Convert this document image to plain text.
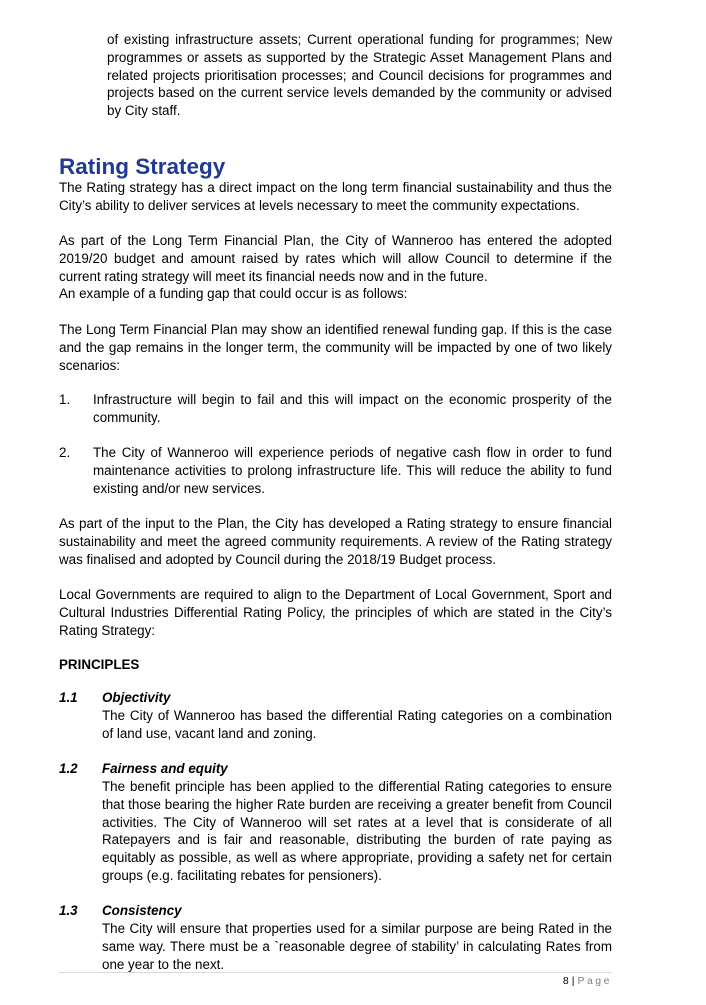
of existing infrastructure assets; Current operational funding for programmes; New programmes or assets as supported by the Strategic Asset Management Plans and related projects prioritisation processes; and Council decisions for programmes and projects based on the current service levels demanded by the community or advised by City staff.

Rating Strategy

The Rating strategy has a direct impact on the long term financial sustainability and thus the City’s ability to deliver services at levels necessary to meet the community expectations.

As part of the Long Term Financial Plan, the City of Wanneroo has entered the adopted 2019/20 budget and amount raised by rates which will allow Council to determine if the current rating strategy will meet its financial needs now and in the future.

An example of a funding gap that could occur is as follows:

The Long Term Financial Plan may show an identified renewal funding gap. If this is the case and the gap remains in the longer term, the community will be impacted by one of two likely scenarios:

1. Infrastructure will begin to fail and this will impact on the economic prosperity of the community.

2. The City of Wanneroo will experience periods of negative cash flow in order to fund maintenance activities to prolong infrastructure life. This will reduce the ability to fund existing and/or new services.

As part of the input to the Plan, the City has developed a Rating strategy to ensure financial sustainability and meet the agreed community requirements. A review of the Rating strategy was finalised and adopted by Council during the 2018/19 Budget process.

Local Governments are required to align to the Department of Local Government, Sport and Cultural Industries Differential Rating Policy, the principles of which are stated in the City’s Rating Strategy:

PRINCIPLES
1.1 Objectivity

The City of Wanneroo has based the differential Rating categories on a combination of land use, vacant land and zoning.

1.2 Fairness and equity

The benefit principle has been applied to the differential Rating categories to ensure that those bearing the higher Rate burden are receiving a greater benefit from Council activities. The City of Wanneroo will set rates at a level that is considerate of all Ratepayers and is fair and reasonable, distributing the burden of rate paying as equitably as possible, as well as where appropriate, providing a safety net for certain groups (e.g. facilitating rebates for pensioners).

1.3 Consistency

The City will ensure that properties used for a similar purpose are being Rated in the same way. There must be a `reasonable degree of stability’ in calculating Rates from one year to the next.

8 | Page
